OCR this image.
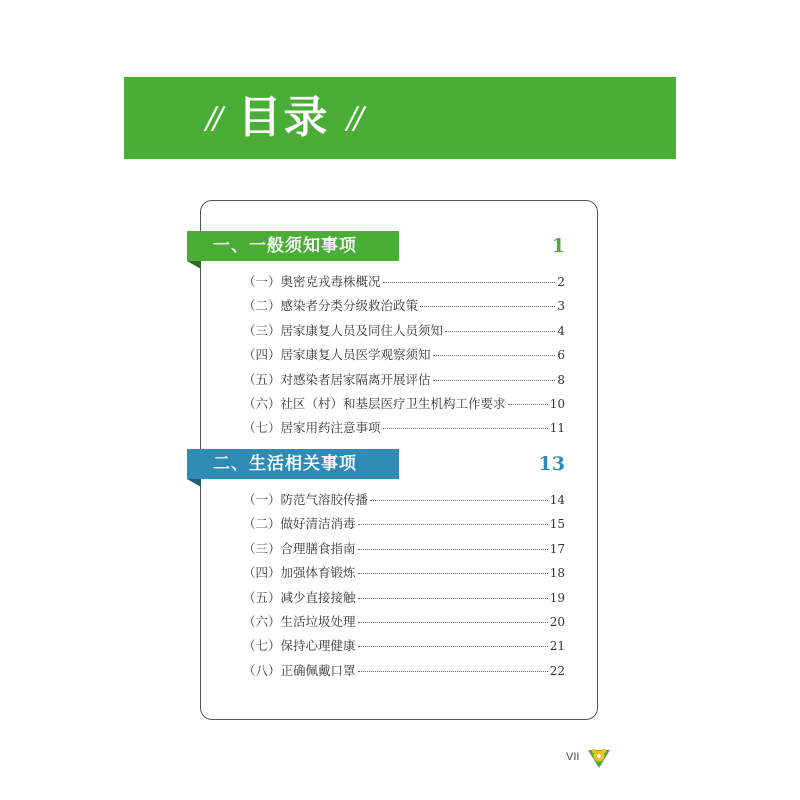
// 目录 //
一、一般须知事项	1
（一）奥密克戎毒株概况	2
（二）感染者分类分级救治政策	3
（三）居家康复人员及同住人员须知	4
（四）居家康复人员医学观察须知	6
（五）对感染者居家隔离开展评估	8
（六）社区（村）和基层医疗卫生机构工作要求	10
（七）居家用药注意事项	11
二、生活相关事项	13
（一）防范气溶胶传播	14
（二）做好清洁消毒	15
（三）合理膳食指南	17
（四）加强体育锻炼	18
（五）减少直接接触	19
（六）生活垃圾处理	20
（七）保持心理健康	21
（八）正确佩戴口罩	22
VII
